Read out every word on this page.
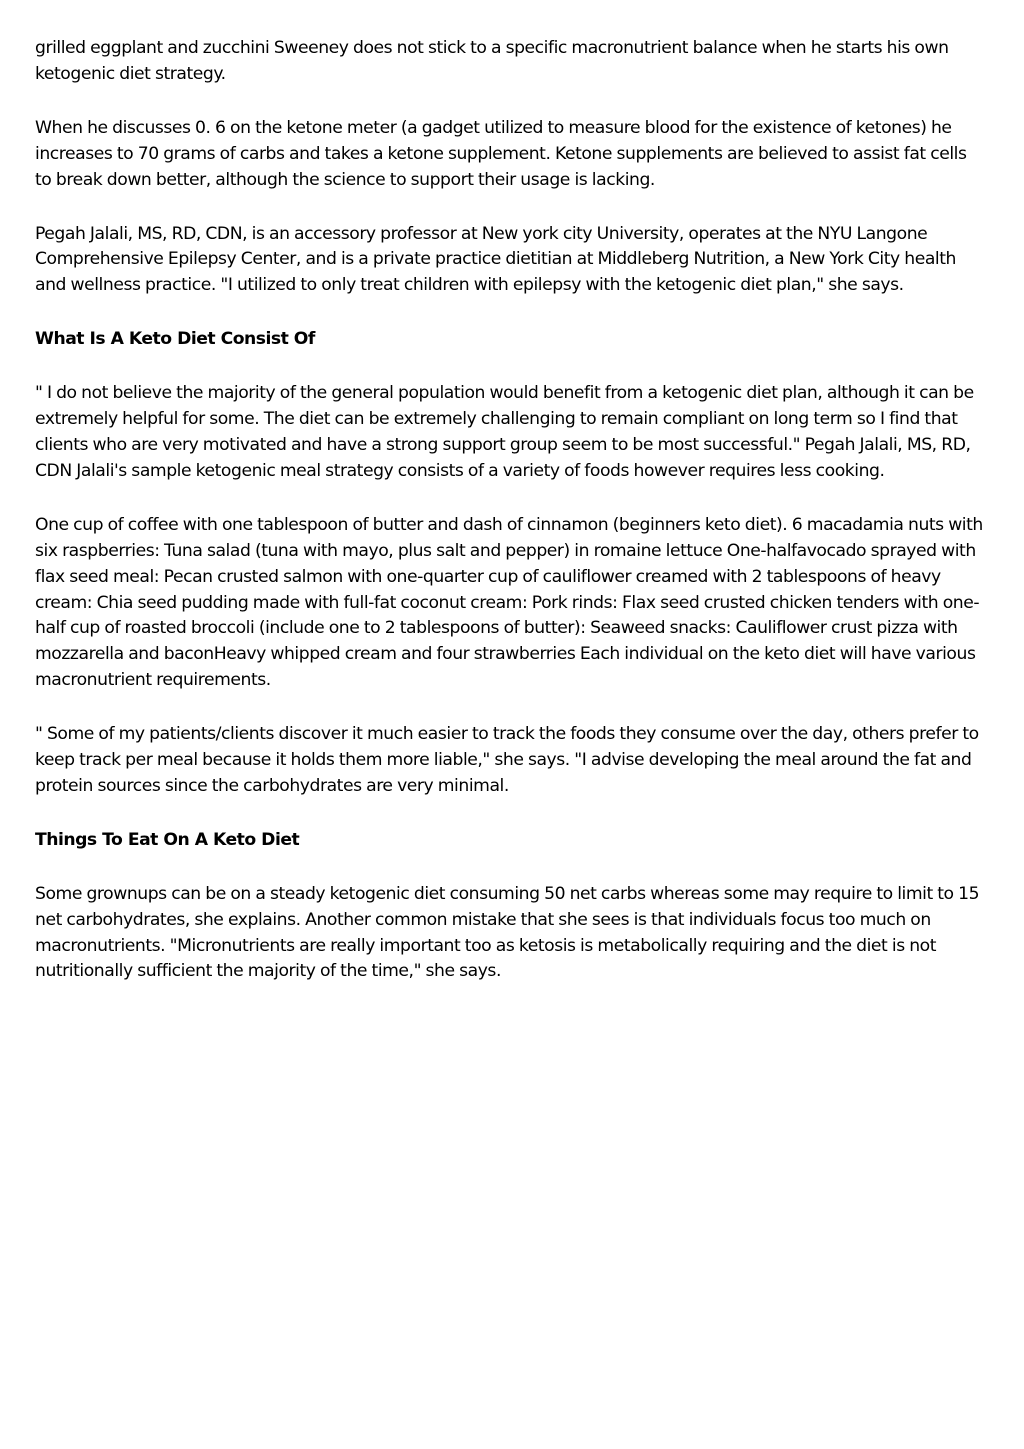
grilled eggplant and zucchini Sweeney does not stick to a specific macronutrient balance when he starts his own ketogenic diet strategy.

When he discusses 0. 6 on the ketone meter (a gadget utilized to measure blood for the existence of ketones) he increases to 70 grams of carbs and takes a ketone supplement. Ketone supplements are believed to assist fat cells to break down better, although the science to support their usage is lacking.

Pegah Jalali, MS, RD, CDN, is an accessory professor at New york city University, operates at the NYU Langone Comprehensive Epilepsy Center, and is a private practice dietitian at Middleberg Nutrition, a New York City health and wellness practice. "I utilized to only treat children with epilepsy with the ketogenic diet plan," she says.

What Is A Keto Diet Consist Of

" I do not believe the majority of the general population would benefit from a ketogenic diet plan, although it can be extremely helpful for some. The diet can be extremely challenging to remain compliant on long term so I find that clients who are very motivated and have a strong support group seem to be most successful." Pegah Jalali, MS, RD, CDN Jalali's sample ketogenic meal strategy consists of a variety of foods however requires less cooking.

One cup of coffee with one tablespoon of butter and dash of cinnamon (beginners keto diet). 6 macadamia nuts with six raspberries: Tuna salad (tuna with mayo, plus salt and pepper) in romaine lettuce One-halfavocado sprayed with flax seed meal: Pecan crusted salmon with one-quarter cup of cauliflower creamed with 2 tablespoons of heavy cream: Chia seed pudding made with full-fat coconut cream: Pork rinds: Flax seed crusted chicken tenders with one-half cup of roasted broccoli (include one to 2 tablespoons of butter): Seaweed snacks: Cauliflower crust pizza with mozzarella and baconHeavy whipped cream and four strawberries Each individual on the keto diet will have various macronutrient requirements.

" Some of my patients/clients discover it much easier to track the foods they consume over the day, others prefer to keep track per meal because it holds them more liable," she says. "I advise developing the meal around the fat and protein sources since the carbohydrates are very minimal.

Things To Eat On A Keto Diet

Some grownups can be on a steady ketogenic diet consuming 50 net carbs whereas some may require to limit to 15 net carbohydrates, she explains. Another common mistake that she sees is that individuals focus too much on macronutrients. "Micronutrients are really important too as ketosis is metabolically requiring and the diet is not nutritionally sufficient the majority of the time," she says.
